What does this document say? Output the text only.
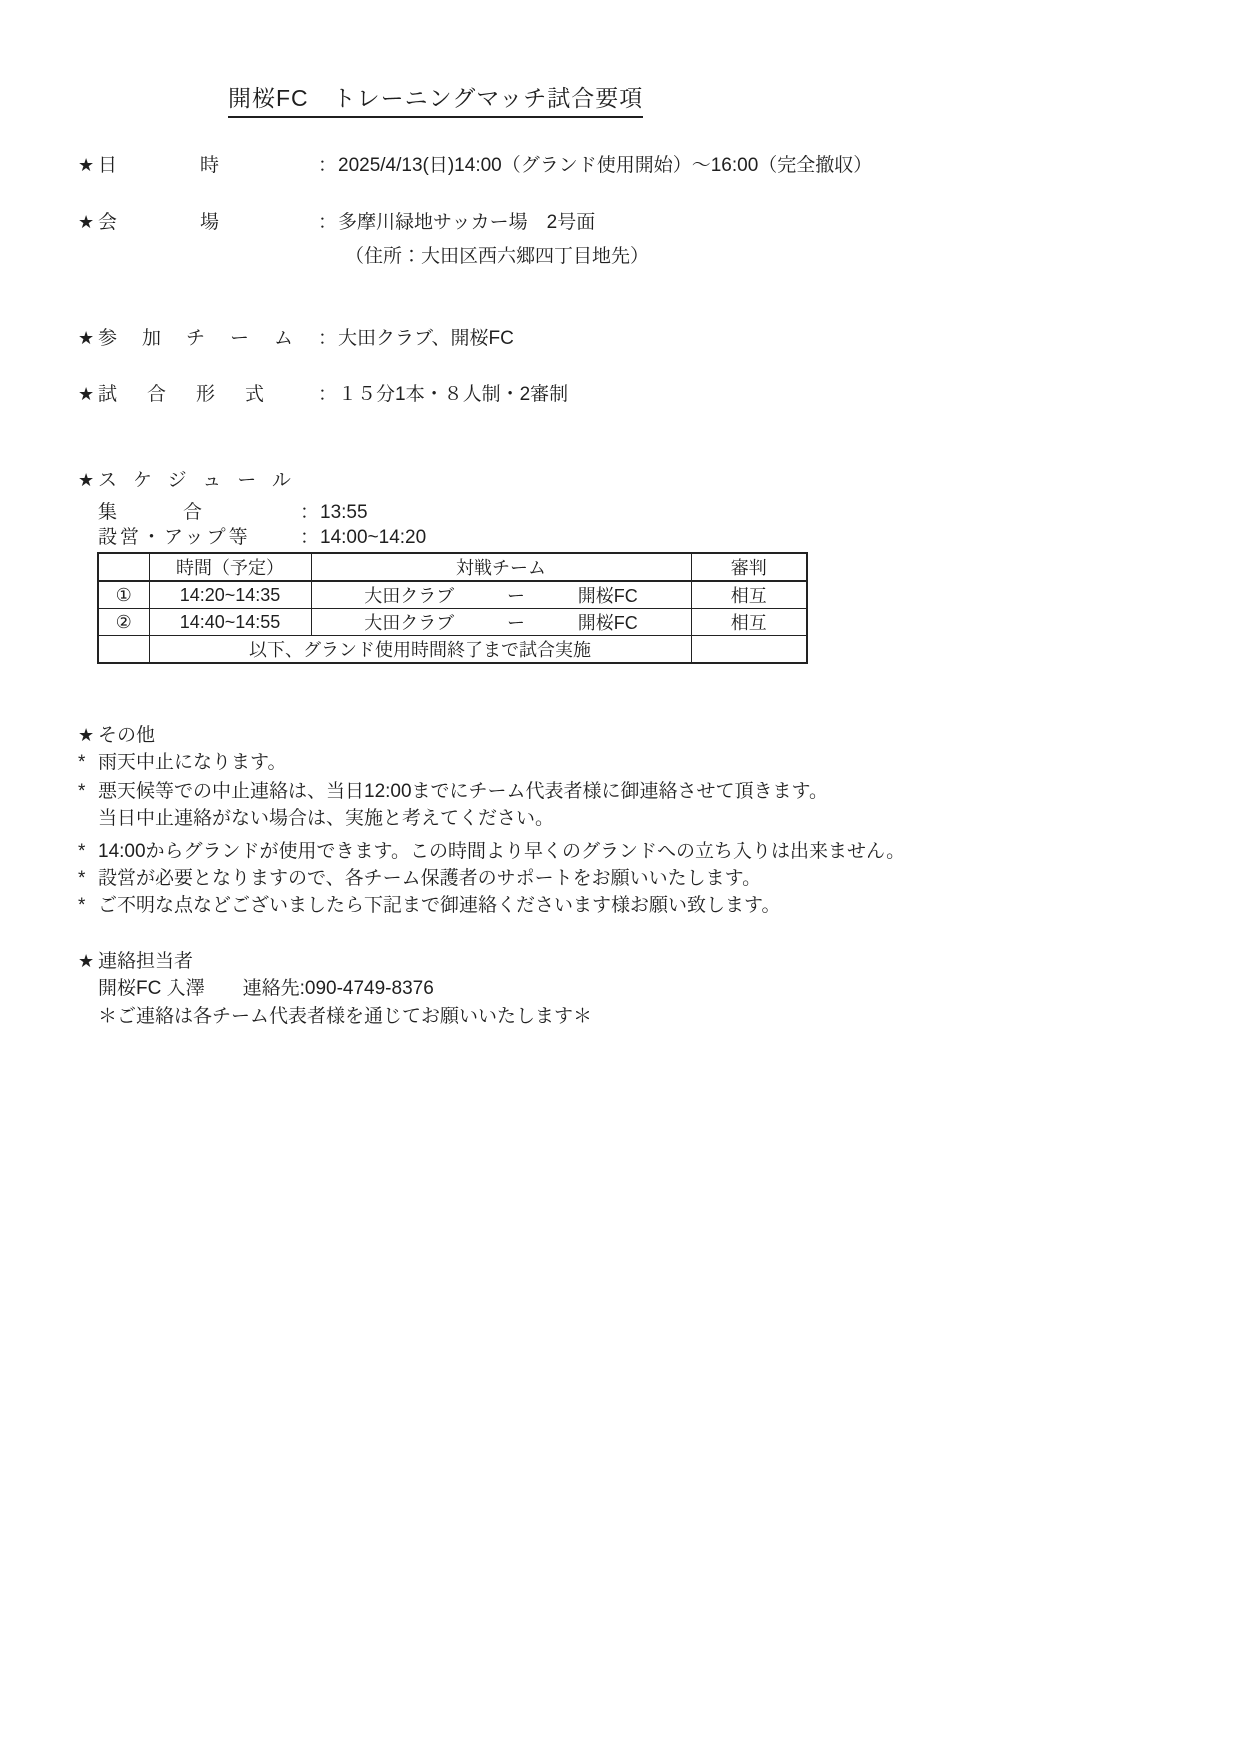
開桜FC　トレーニングマッチ試合要項
★ 日時 ： 2025/4/13(日)14:00（グランド使用開始）～16:00（完全撤収）
★ 会場 ： 多摩川緑地サッカー場　2号面
（住所：大田区西六郷四丁目地先）
★ 参加チーム ： 大田クラブ、開桜FC
★ 試合形式	： １５分1本・８人制・2審制
★ スケジュール
集合	： 13:55
設営・アップ等	： 14:00~14:20
	時間（予定）	対戦チーム	審判
①	14:20~14:35	大田クラブ ー 開桜FC	相互
②	14:40~14:55	大田クラブ ー 開桜FC	相互
	以下、グランド使用時間終了まで試合実施		
★ その他
* 雨天中止になります。
* 悪天候等での中止連絡は、当日12:00までにチーム代表者様に御連絡させて頂きます。
当日中止連絡がない場合は、実施と考えてください。
* 14:00からグランドが使用できます。この時間より早くのグランドへの立ち入りは出来ません。
* 設営が必要となりますので、各チーム保護者のサポートをお願いいたします。
* ご不明な点などございましたら下記まで御連絡くださいます様お願い致します。
★ 連絡担当者
開桜FC 入澤　　連絡先:090-4749-8376
＊ご連絡は各チーム代表者様を通じてお願いいたします＊
